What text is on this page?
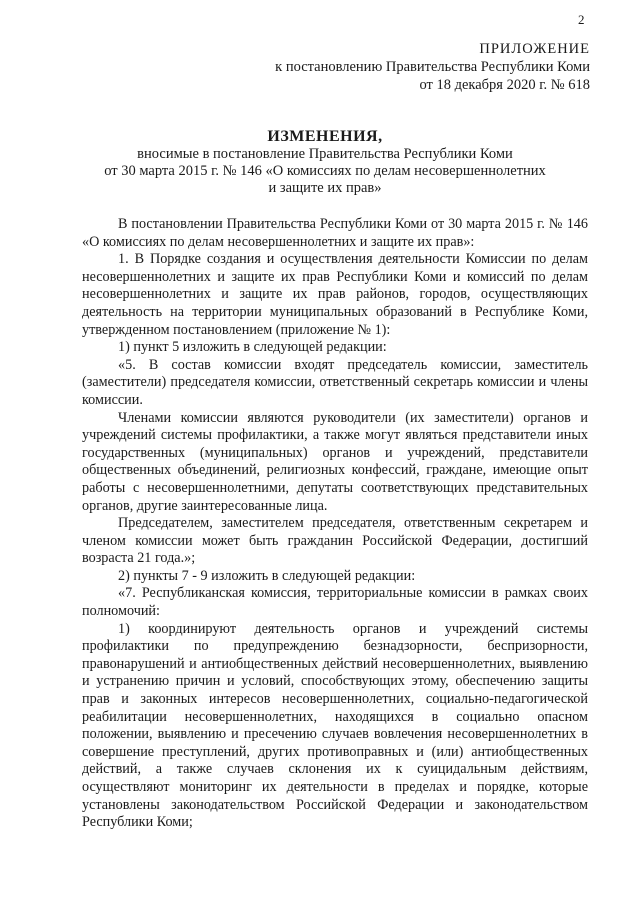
2
ПРИЛОЖЕНИЕ
к постановлению Правительства Республики Коми
от 18 декабря 2020 г. № 618
ИЗМЕНЕНИЯ,
вносимые в постановление Правительства Республики Коми
от 30 марта 2015 г. № 146 «О комиссиях по делам несовершеннолетних
и защите их прав»

В постановлении Правительства Республики Коми от 30 марта 2015 г. № 146 «О комиссиях по делам несовершеннолетних и защите их прав»:

1. В Порядке создания и осуществления деятельности Комиссии по делам несовершеннолетних и защите их прав Республики Коми и комиссий по делам несовершеннолетних и защите их прав районов, городов, осуществляющих деятельность на территории муниципальных образований в Республике Коми, утвержденном постановлением (приложение № 1):

1) пункт 5 изложить в следующей редакции:

«5. В состав комиссии входят председатель комиссии, заместитель (заместители) председателя комиссии, ответственный секретарь комиссии и члены комиссии.

Членами комиссии являются руководители (их заместители) органов и учреждений системы профилактики, а также могут являться представители иных государственных (муниципальных) органов и учреждений, представители общественных объединений, религиозных конфессий, граждане, имеющие опыт работы с несовершеннолетними, депутаты соответствующих представительных органов, другие заинтересованные лица.

Председателем, заместителем председателя, ответственным секретарем и членом комиссии может быть гражданин Российской Федерации, достигший возраста 21 года.»;

2) пункты 7 - 9 изложить в следующей редакции:

«7. Республиканская комиссия, территориальные комиссии в рамках своих полномочий:

1) координируют деятельность органов и учреждений системы профилактики по предупреждению безнадзорности, беспризорности, правонарушений и антиобщественных действий несовершеннолетних, выявлению и устранению причин и условий, способствующих этому, обеспечению защиты прав и законных интересов несовершеннолетних, социально-педагогической реабилитации несовершеннолетних, находящихся в социально опасном положении, выявлению и пресечению случаев вовлечения несовершеннолетних в совершение преступлений, других противоправных и (или) антиобщественных действий, а также случаев склонения их к суицидальным действиям, осуществляют мониторинг их деятельности в пределах и порядке, которые установлены законодательством Российской Федерации и законодательством Республики Коми;
